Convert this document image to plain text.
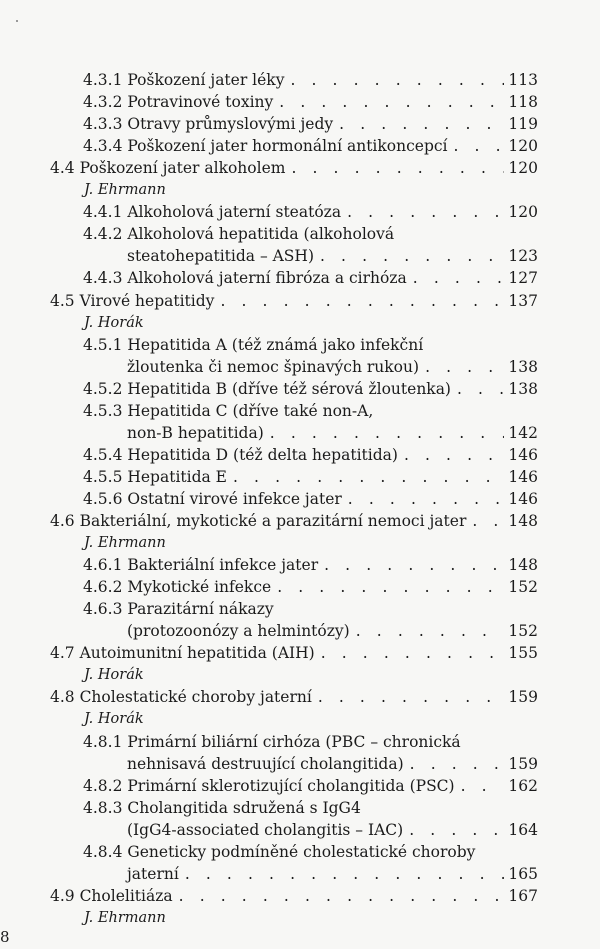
4.3.1 Poškození jater léky . . .	113
4.3.2 Potravinové toxiny . . .	118
4.3.3 Otravy průmyslovými jedy . . .	119
4.3.4 Poškození jater hormonální antikoncepcí . . .	120
4.4 Poškození jater alkoholem . . .	120
J. Ehrmann
4.4.1 Alkoholová jaterní steatóza . . .	120
4.4.2 Alkoholová hepatitida (alkoholová
steatohepatitida – ASH) . . .	123
4.4.3 Alkoholová jaterní fibróza a cirhóza . . .	127
4.5 Virové hepatitidy . . .	137
J. Horák
4.5.1 Hepatitida A (též známá jako infekční
žloutenka či nemoc špinavých rukou) . . .	138
4.5.2 Hepatitida B (dříve též sérová žloutenka) . . .	138
4.5.3 Hepatitida C (dříve také non-A,
non-B hepatitida) . . .	142
4.5.4 Hepatitida D (též delta hepatitida) . . .	146
4.5.5 Hepatitida E . . .	146
4.5.6 Ostatní virové infekce jater . . .	146
4.6 Bakteriální, mykotické a parazitární nemoci jater . . .	148
J. Ehrmann
4.6.1 Bakteriální infekce jater . . .	148
4.6.2 Mykotické infekce . . .	152
4.6.3 Parazitární nákazy
(protozoonózy a helmintózy) . . .	152
4.7 Autoimunitní hepatitida (AIH) . . .	155
J. Horák
4.8 Cholestatické choroby jaterní . . .	159
J. Horák
4.8.1 Primární biliární cirhóza (PBC – chronická
nehnisavá destruující cholangitida) . . .	159
4.8.2 Primární sklerotizující cholangitida (PSC) . . .	162
4.8.3 Cholangitida sdružená s IgG4
(IgG4-associated cholangitis – IAC) . . .	164
4.8.4 Geneticky podmíněné cholestatické choroby
jaterní . . .	165
4.9 Cholelitiáza . . .	167
J. Ehrmann
8
